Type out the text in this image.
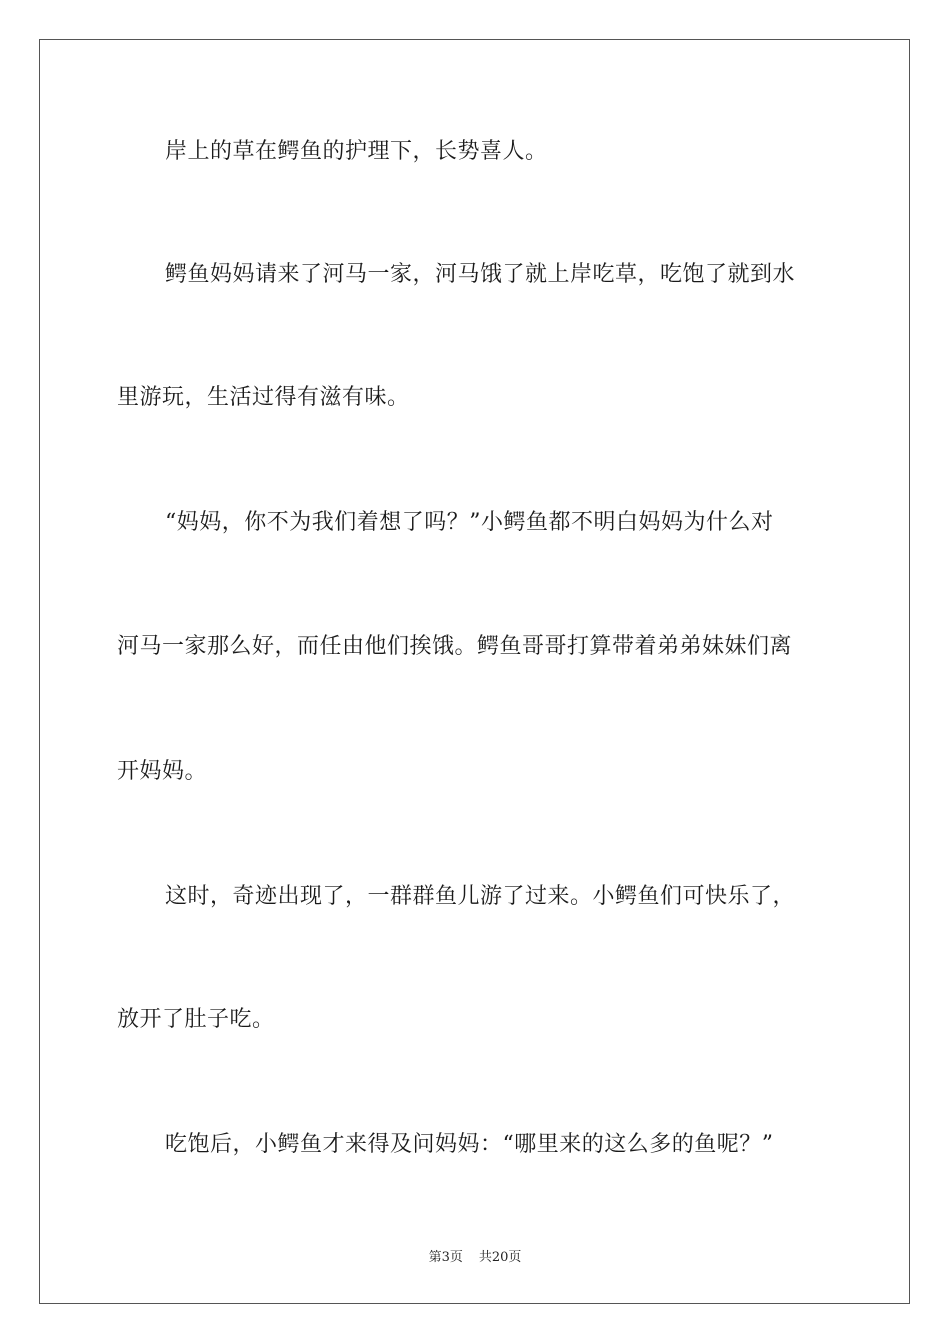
岸上的草在鳄鱼的护理下，长势喜人。
鳄鱼妈妈请来了河马一家，河马饿了就上岸吃草，吃饱了就到水
里游玩，生活过得有滋有味。
“妈妈，你不为我们着想了吗？”小鳄鱼都不明白妈妈为什么对
河马一家那么好，而任由他们挨饿。鳄鱼哥哥打算带着弟弟妹妹们离
开妈妈。
这时，奇迹出现了，一群群鱼儿游了过来。小鳄鱼们可快乐了，
放开了肚子吃。
吃饱后，小鳄鱼才来得及问妈妈：“哪里来的这么多的鱼呢？”
第3页 共20页
